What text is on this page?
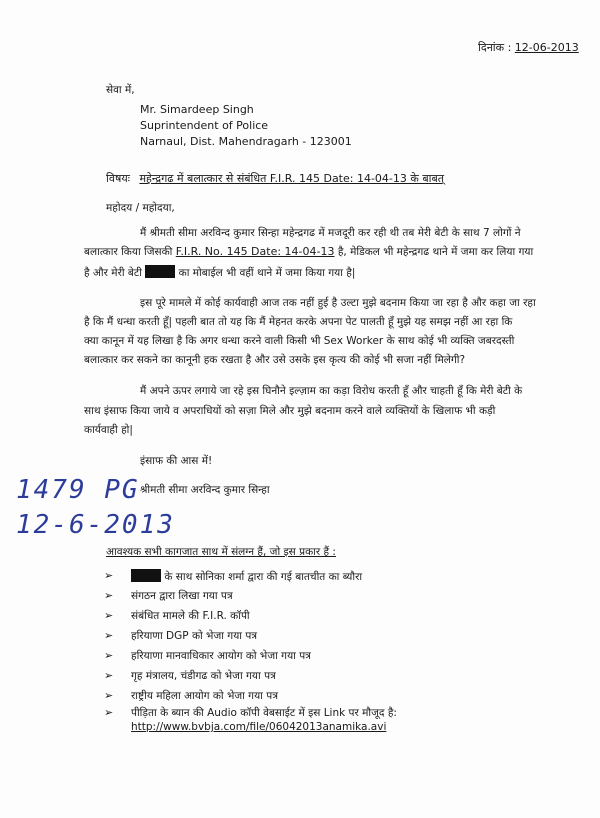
दिनांक : 12-06-2013
सेवा में,
Mr. Simardeep Singh
Suprintendent of Police
Narnaul, Dist. Mahendragarh - 123001
विषयः महेन्द्रगढ में बलात्कार से संबंधित F.I.R. 145 Date: 14-04-13 के बाबत्
महोदय / महोदया,
मैं श्रीमती सीमा अरविन्द कुमार सिन्हा महेन्द्रगढ में मजदूरी कर रही थी तब मेरी बेटी के साथ 7 लोगों ने
बलात्कार किया जिसकी F.I.R. No. 145 Date: 14-04-13 है, मेडिकल भी महेन्द्रगढ थाने में जमा कर लिया गया
है और मेरी बेटी	का मोबाईल भी वहीं थाने में जमा किया गया है|
इस पूरे मामले में कोई कार्यवाही आज तक नहीं हुई है उल्टा मुझे बदनाम किया जा रहा है और कहा जा रहा
है कि मैं धन्धा करती हूँ| पहली बात तो यह कि मैं मेहनत करके अपना पेट पालती हूँ मुझे यह समझ नहीं आ रहा कि
क्या कानून में यह लिखा है कि अगर धन्धा करने वाली किसी भी Sex Worker के साथ कोई भी व्यक्ति जबरदस्ती
बलात्कार कर सकने का कानूनी हक रखता है और उसे उसके इस कृत्य की कोई भी सजा नहीं मिलेगी?
मैं अपने ऊपर लगाये जा रहे इस घिनौने इल्ज़ाम का कड़ा विरोध करती हूँ और चाहती हूँ कि मेरी बेटी के
साथ इंसाफ किया जाये व अपराधियों को सज़ा मिले और मुझे बदनाम करने वाले व्यक्तियों के खिलाफ भी कड़ी
कार्यवाही हो|
इंसाफ की आस में!
1479 PG श्रीमती सीमा अरविन्द कुमार सिन्हा
12-6-2013
आवश्यक सभी कागजात साथ में संलग्न हैं, जो इस प्रकार हैं :
➢	के साथ सोनिका शर्मा द्वारा की गई बातचीत का ब्यौरा
➢ संगठन द्वारा लिखा गया पत्र
➢ संबंधित मामले की F.I.R. कॉपी
➢ हरियाणा DGP को भेजा गया पत्र
➢ हरियाणा मानवाधिकार आयोग को भेजा गया पत्र
➢ गृह मंत्रालय, चंडीगढ को भेजा गया पत्र
➢ राष्ट्रीय महिला आयोग को भेजा गया पत्र
➢ पीड़िता के ब्यान की Audio कॉपी वेबसाईट में इस Link पर मौजूद है:
http://www.bvbja.com/file/06042013anamika.avi
